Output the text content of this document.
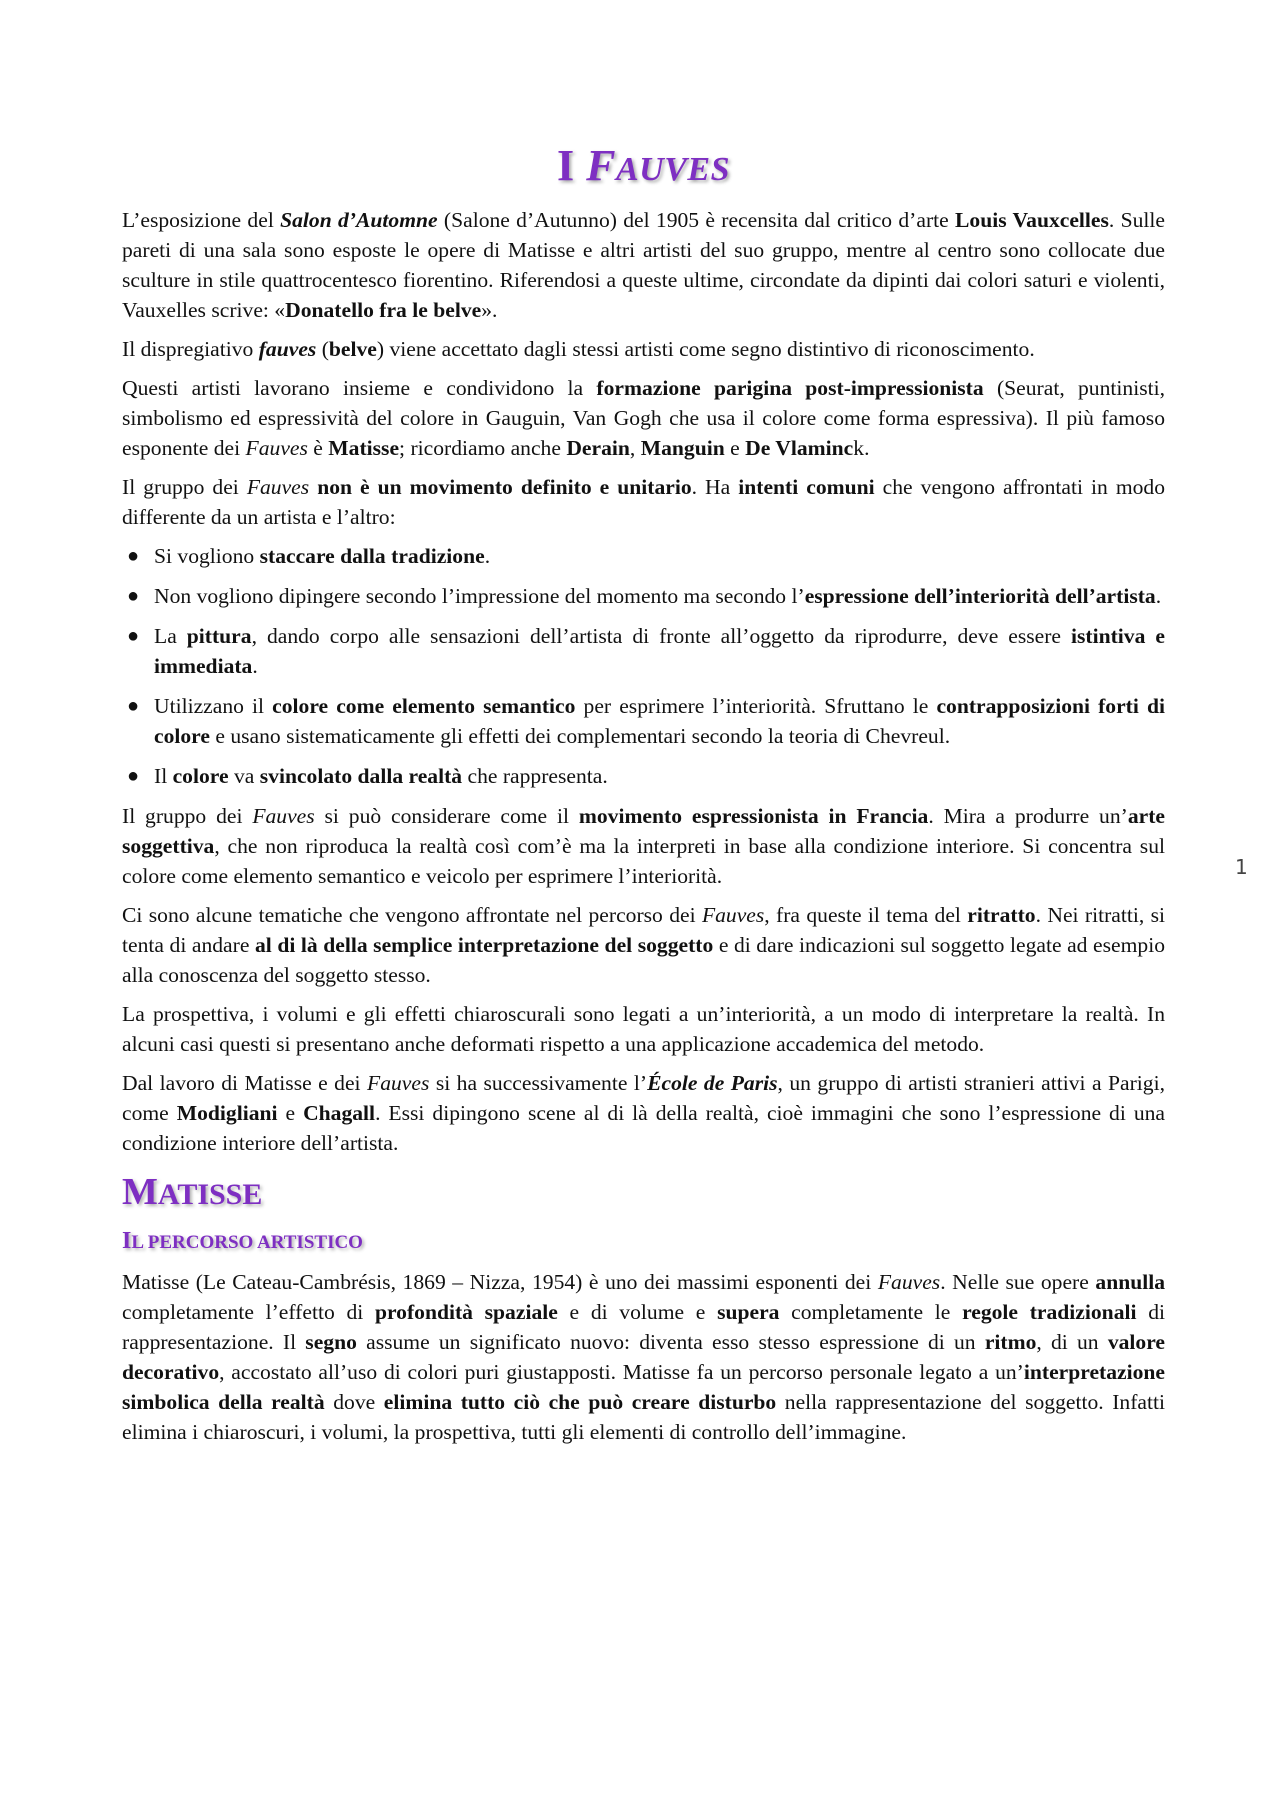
I FAUVES

L’esposizione del Salon d’Automne (Salone d’Autunno) del 1905 è recensita dal critico d’arte Louis Vauxcelles. Sulle pareti di una sala sono esposte le opere di Matisse e altri artisti del suo gruppo, mentre al centro sono collocate due sculture in stile quattrocentesco fiorentino. Riferendosi a queste ultime, circondate da dipinti dai colori saturi e violenti, Vauxelles scrive: «Donatello fra le belve».

Il dispregiativo fauves (belve) viene accettato dagli stessi artisti come segno distintivo di riconoscimento.

Questi artisti lavorano insieme e condividono la formazione parigina post-impressionista (Seurat, puntinisti, simbolismo ed espressività del colore in Gauguin, Van Gogh che usa il colore come forma espressiva). Il più famoso esponente dei Fauves è Matisse; ricordiamo anche Derain, Manguin e De Vlaminck.

Il gruppo dei Fauves non è un movimento definito e unitario. Ha intenti comuni che vengono affrontati in modo differente da un artista e l’altro:

● Si vogliono staccare dalla tradizione.
● Non vogliono dipingere secondo l’impressione del momento ma secondo l’espressione dell’interiorità dell’artista.
● La pittura, dando corpo alle sensazioni dell’artista di fronte all’oggetto da riprodurre, deve essere istintiva e immediata.
● Utilizzano il colore come elemento semantico per esprimere l’interiorità. Sfruttano le contrapposizioni forti di colore e usano sistematicamente gli effetti dei complementari secondo la teoria di Chevreul.
● Il colore va svincolato dalla realtà che rappresenta.

Il gruppo dei Fauves si può considerare come il movimento espressionista in Francia. Mira a produrre un’arte soggettiva, che non riproduca la realtà così com’è ma la interpreti in base alla condizione interiore. Si concentra sul colore come elemento semantico e veicolo per esprimere l’interiorità.

Ci sono alcune tematiche che vengono affrontate nel percorso dei Fauves, fra queste il tema del ritratto. Nei ritratti, si tenta di andare al di là della semplice interpretazione del soggetto e di dare indicazioni sul soggetto legate ad esempio alla conoscenza del soggetto stesso.

La prospettiva, i volumi e gli effetti chiaroscurali sono legati a un’interiorità, a un modo di interpretare la realtà. In alcuni casi questi si presentano anche deformati rispetto a una applicazione accademica del metodo.

Dal lavoro di Matisse e dei Fauves si ha successivamente l’École de Paris, un gruppo di artisti stranieri attivi a Parigi, come Modigliani e Chagall. Essi dipingono scene al di là della realtà, cioè immagini che sono l’espressione di una condizione interiore dell’artista.

MATISSE
IL PERCORSO ARTISTICO

Matisse (Le Cateau-Cambrésis, 1869 – Nizza, 1954) è uno dei massimi esponenti dei Fauves. Nelle sue opere annulla completamente l’effetto di profondità spaziale e di volume e supera completamente le regole tradizionali di rappresentazione. Il segno assume un significato nuovo: diventa esso stesso espressione di un ritmo, di un valore decorativo, accostato all’uso di colori puri giustapposti. Matisse fa un percorso personale legato a un’interpretazione simbolica della realtà dove elimina tutto ciò che può creare disturbo nella rappresentazione del soggetto. Infatti elimina i chiaroscuri, i volumi, la prospettiva, tutti gli elementi di controllo dell’immagine.

1
